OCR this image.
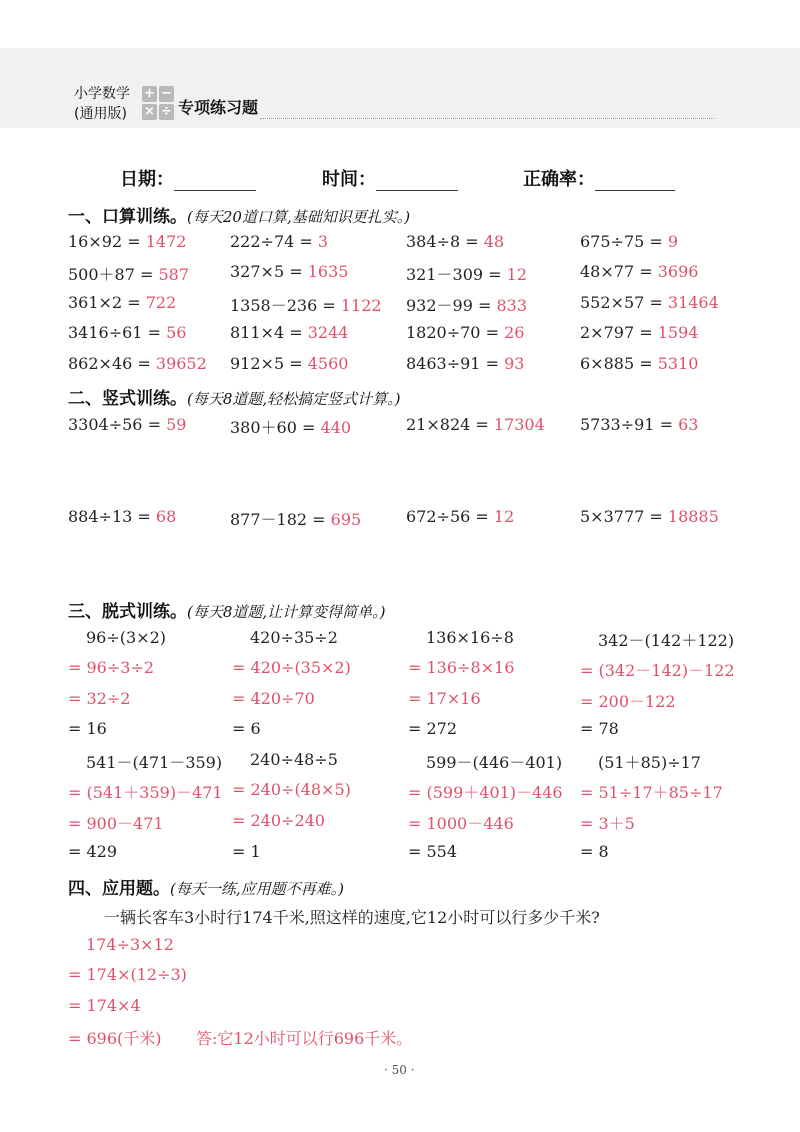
小学数学
(通用版)
+ −
× ÷ 专项练习题
日期：	时间：	正确率：
一、口算训练。(每天20道口算,基础知识更扎实。)
16×92 = 1472	222÷74 = 3	384÷8 = 48	675÷75 = 9
500＋87 = 587	327×5 = 1635	321－309 = 12	48×77 = 3696
361×2 = 722	1358－236 = 1122 932－99 = 833	552×57 = 31464
3416÷61 = 56	811×4 = 3244	1820÷70 = 26	2×797 = 1594
862×46 = 39652 912×5 = 4560	8463÷91 = 93	6×885 = 5310
二、竖式训练。(每天8道题,轻松搞定竖式计算。)
3304÷56 = 59	380＋60 = 440	21×824 = 17304 5733÷91 = 63
884÷13 = 68	877－182 = 695	672÷56 = 12	5×3777 = 18885
三、脱式训练。(每天8道题,让计算变得简单。)
96÷(3×2)
= 96÷3÷2
= 32÷2
= 16
420÷35÷2
= 420÷(35×2)
= 420÷70
= 6
136×16÷8
= 136÷8×16
= 17×16
= 272
342－(142＋122)
= (342－142)－122
= 200－122
= 78
541－(471－359)
= (541＋359)－471
= 900－471
= 429
240÷48÷5
= 240÷(48×5)
= 240÷240
= 1
599－(446－401)
= (599＋401)－446
= 1000－446
= 554
(51＋85)÷17
= 51÷17＋85÷17
= 3＋5
= 8
四、应用题。(每天一练,应用题不再难。)
一辆长客车3小时行174千米,照这样的速度,它12小时可以行多少千米?
174÷3×12
= 174×(12÷3)
= 174×4
= 696(千米) 答:它12小时可以行696千米。
· 50 ·
